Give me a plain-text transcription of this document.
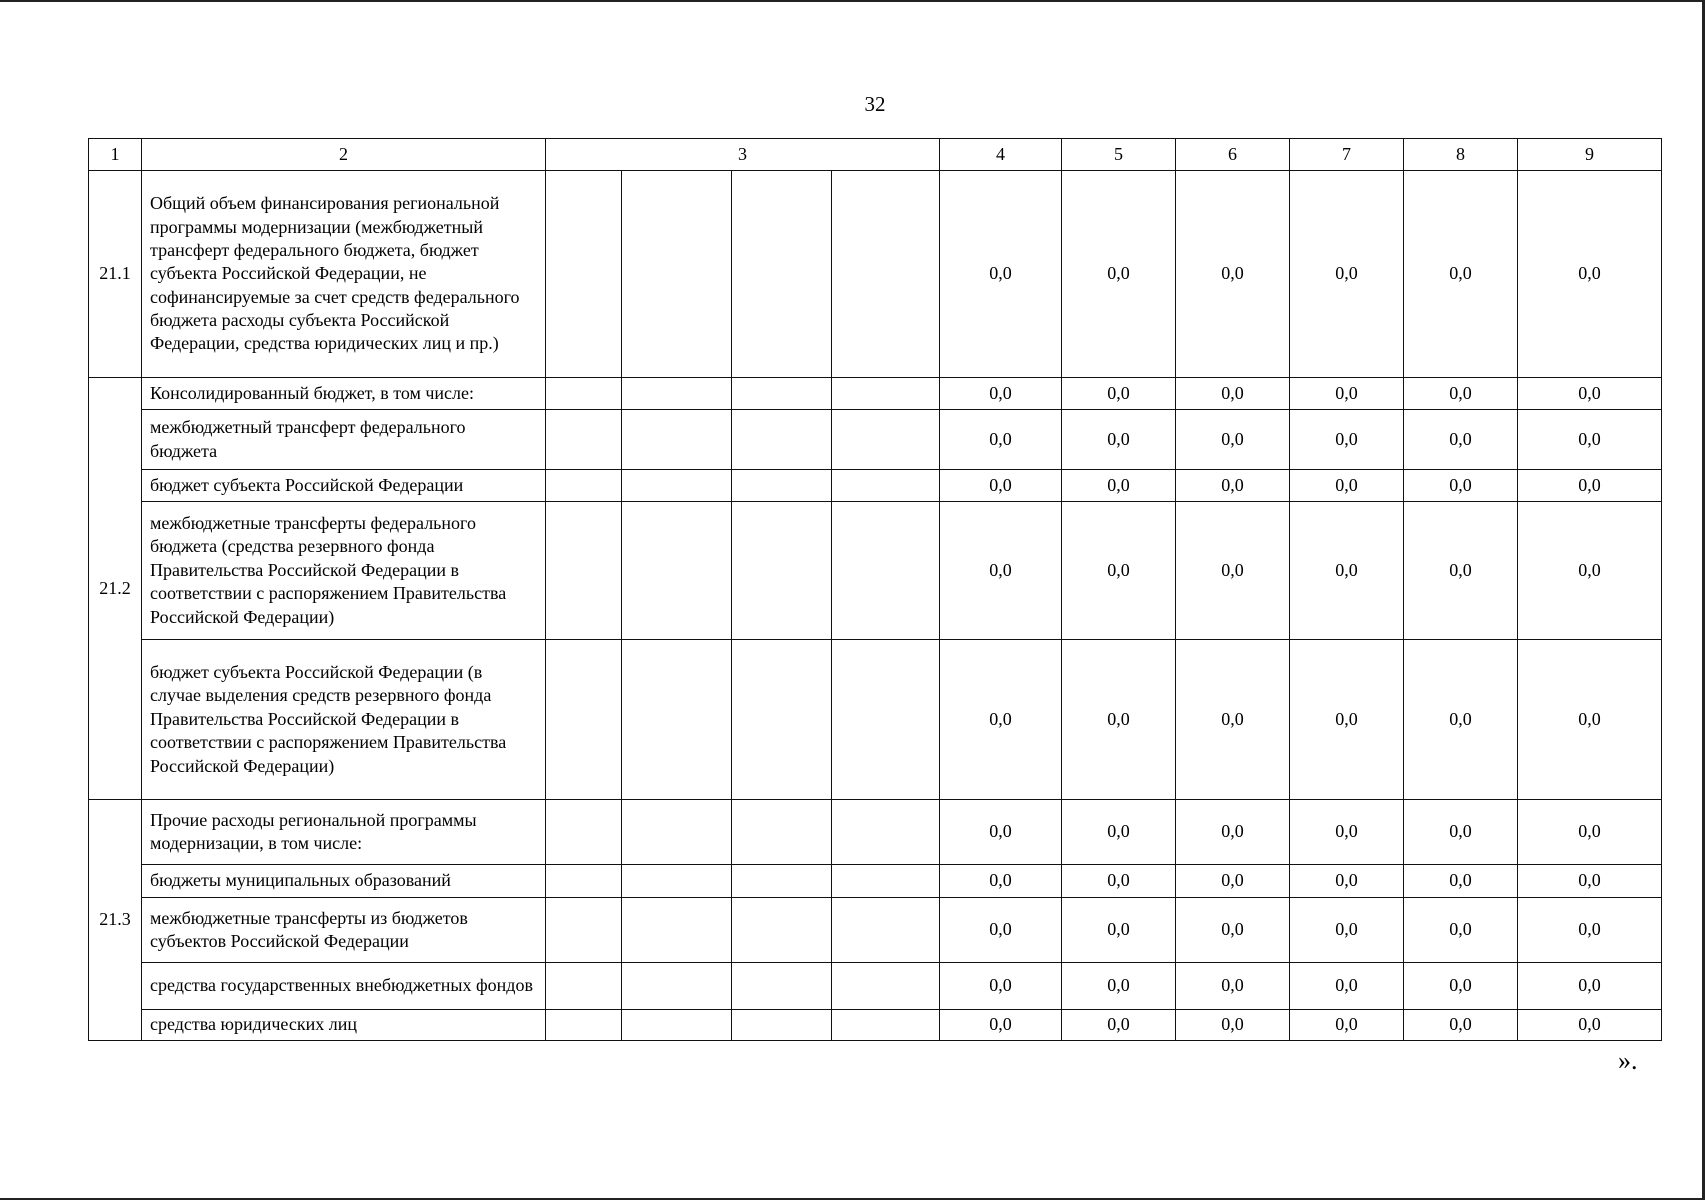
32
1	2	3				4	5	6	7	8	9
21.1	Общий объем финансирования региональной программы модернизации (межбюджетный трансферт федерального бюджета, бюджет субъекта Российской Федерации, не софинансируемые за счет средств федерального бюджета расходы субъекта Российской Федерации, средства юридических лиц и пр.)					0,0	0,0	0,0	0,0	0,0	0,0
21.2	Консолидированный бюджет, в том числе:					0,0	0,0	0,0	0,0	0,0	0,0
	межбюджетный трансферт федерального бюджета					0,0	0,0	0,0	0,0	0,0	0,0
	бюджет субъекта Российской Федерации					0,0	0,0	0,0	0,0	0,0	0,0
	межбюджетные трансферты федерального бюджета (средства резервного фонда Правительства Российской Федерации в соответствии с распоряжением Правительства Российской Федерации)					0,0	0,0	0,0	0,0	0,0	0,0
	бюджет субъекта Российской Федерации (в случае выделения средств резервного фонда Правительства Российской Федерации в соответствии с распоряжением Правительства Российской Федерации)					0,0	0,0	0,0	0,0	0,0	0,0
21.3	Прочие расходы региональной программы модернизации, в том числе:					0,0	0,0	0,0	0,0	0,0	0,0
	бюджеты муниципальных образований					0,0	0,0	0,0	0,0	0,0	0,0
	межбюджетные трансферты из бюджетов субъектов Российской Федерации					0,0	0,0	0,0	0,0	0,0	0,0
	средства государственных внебюджетных фондов					0,0	0,0	0,0	0,0	0,0	0,0
	средства юридических лиц					0,0	0,0	0,0	0,0	0,0	0,0
».
